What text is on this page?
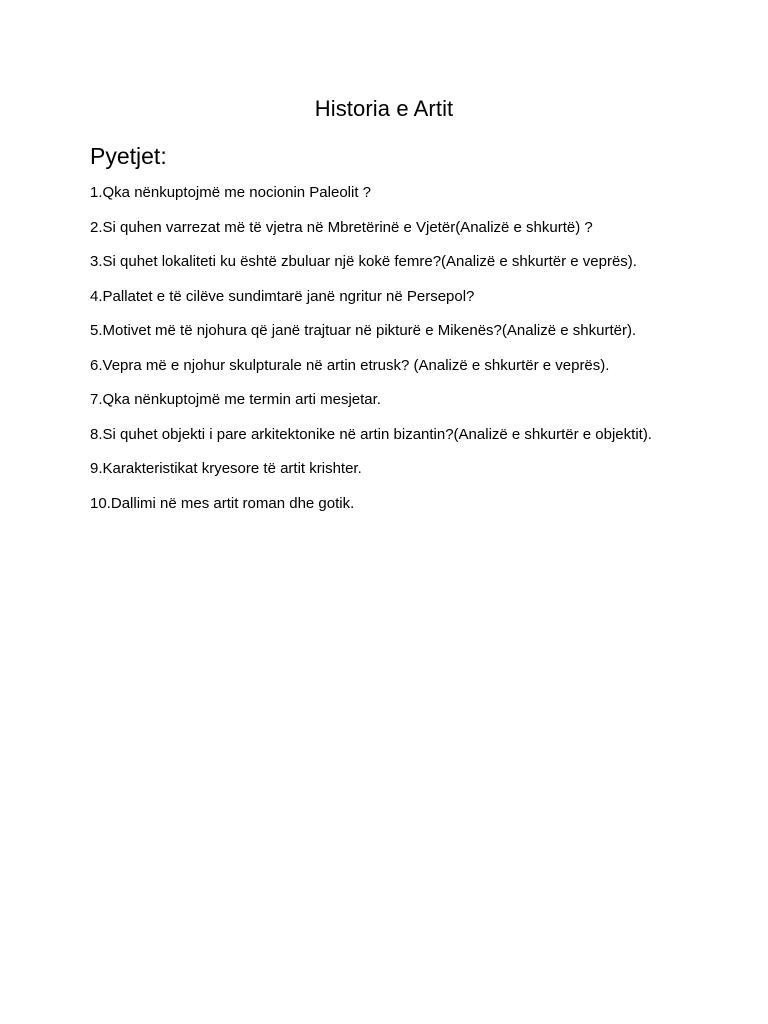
Historia e Artit
Pyetjet:
1.Qka nënkuptojmë me nocionin Paleolit ?
2.Si quhen varrezat më të vjetra në Mbretërinë e Vjetër(Analizë e shkurtë) ?
3.Si quhet lokaliteti ku është zbuluar një kokë femre?(Analizë e shkurtër e veprës).
4.Pallatet e të cilëve sundimtarë janë ngritur në Persepol?
5.Motivet më të njohura që janë trajtuar në pikturë e Mikenës?(Analizë e shkurtër).
6.Vepra më e njohur skulpturale në artin etrusk? (Analizë e shkurtër e veprës).
7.Qka nënkuptojmë me termin arti mesjetar.
8.Si quhet objekti i pare arkitektonike në artin bizantin?(Analizë e shkurtër e objektit).
9.Karakteristikat kryesore të artit krishter.
10.Dallimi në mes artit roman dhe gotik.
